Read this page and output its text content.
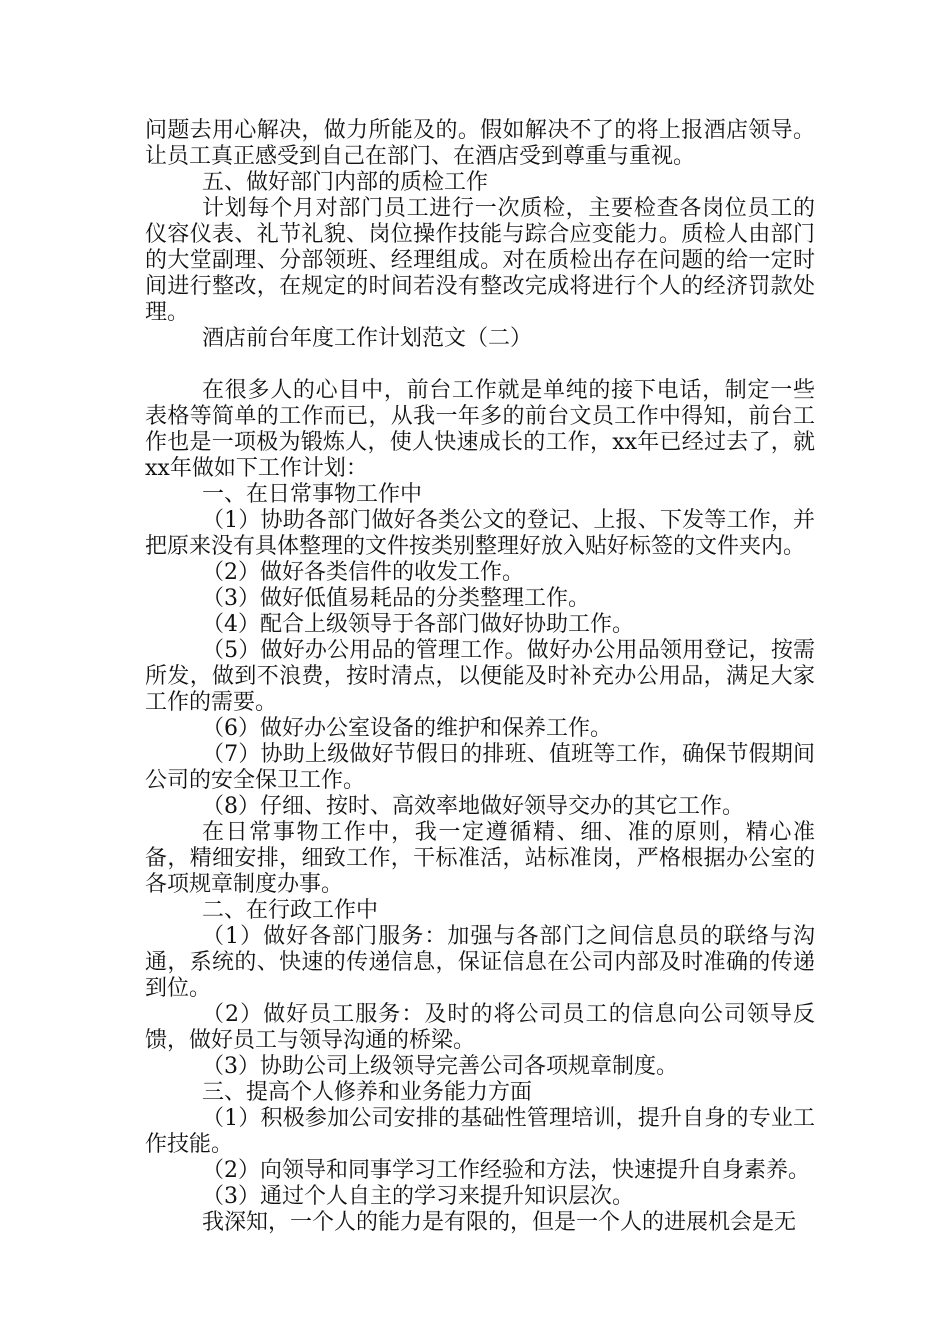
问题去用心解决，做力所能及的。假如解决不了的将上报酒店领导。让员工真正感受到自己在部门、在酒店受到尊重与重视。

五、做好部门内部的质检工作

计划每个月对部门员工进行一次质检，主要检查各岗位员工的仪容仪表、礼节礼貌、岗位操作技能与踪合应变能力。质检人由部门的大堂副理、分部领班、经理组成。对在质检出存在问题的给一定时间进行整改，在规定的时间若没有整改完成将进行个人的经济罚款处理。

酒店前台年度工作计划范文（二）

在很多人的心目中，前台工作就是单纯的接下电话，制定一些表格等简单的工作而已，从我一年多的前台文员工作中得知，前台工作也是一项极为锻炼人，使人快速成长的工作，xx年已经过去了，就xx年做如下工作计划：

一、在日常事物工作中

（1）协助各部门做好各类公文的登记、上报、下发等工作，并把原来没有具体整理的文件按类别整理好放入贴好标签的文件夹内。

（2）做好各类信件的收发工作。

（3）做好低值易耗品的分类整理工作。

（4）配合上级领导于各部门做好协助工作。

（5）做好办公用品的管理工作。做好办公用品领用登记，按需所发，做到不浪费，按时清点，以便能及时补充办公用品，满足大家工作的需要。

（6）做好办公室设备的维护和保养工作。

（7）协助上级做好节假日的排班、值班等工作，确保节假期间公司的安全保卫工作。

（8）仔细、按时、高效率地做好领导交办的其它工作。

在日常事物工作中，我一定遵循精、细、准的原则，精心准备，精细安排，细致工作，干标准活，站标准岗，严格根据办公室的各项规章制度办事。

二、在行政工作中

（1）做好各部门服务：加强与各部门之间信息员的联络与沟通，系统的、快速的传递信息，保证信息在公司内部及时准确的传递到位。

（2）做好员工服务：及时的将公司员工的信息向公司领导反馈，做好员工与领导沟通的桥梁。

（3）协助公司上级领导完善公司各项规章制度。

三、提高个人修养和业务能力方面

（1）积极参加公司安排的基础性管理培训，提升自身的专业工作技能。

（2）向领导和同事学习工作经验和方法，快速提升自身素养。

（3）通过个人自主的学习来提升知识层次。

我深知，一个人的能力是有限的，但是一个人的进展机会是无
